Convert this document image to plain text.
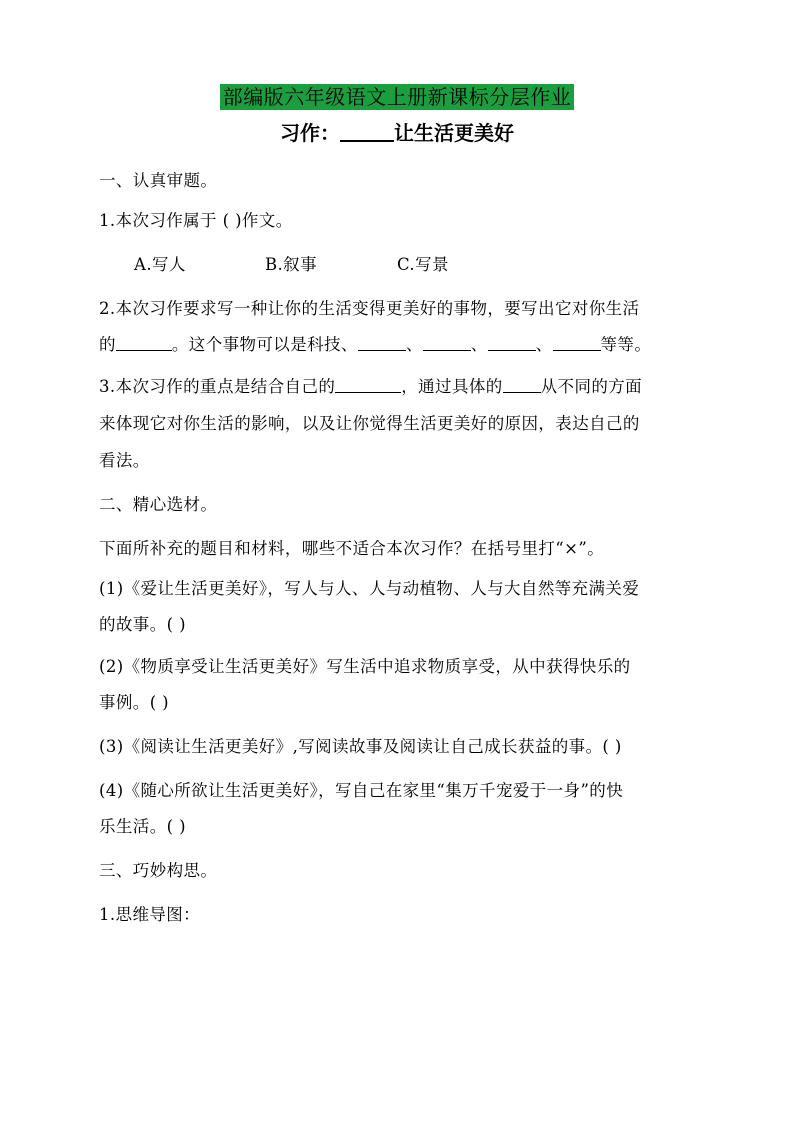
部编版六年级语文上册新课标分层作业
习作：	让生活更美好
一、认真审题。
1.本次习作属于 ( )作文。
A.写人	B.叙事	C.写景
2.本次习作要求写一种让你的生活变得更美好的事物，要写出它对你生活
的	。这个事物可以是科技、	、	、	、	等等。
3.本次习作的重点是结合自己的	，通过具体的 从不同的方面
来体现它对你生活的影响，以及让你觉得生活更美好的原因，表达自己的
看法。
二、精心选材。
下面所补充的题目和材料，哪些不适合本次习作？在括号里打“×”。
(1)《爱让生活更美好》，写人与人、人与动植物、人与大自然等充满关爱
的故事。( )
(2)《物质享受让生活更美好》写生活中追求物质享受，从中获得快乐的
事例。( )
(3)《阅读让生活更美好》,写阅读故事及阅读让自己成长获益的事。( )
(4)《随心所欲让生活更美好》，写自己在家里“集万千宠爱于一身”的快
乐生活。( )
三、巧妙构思。
1.思维导图：
